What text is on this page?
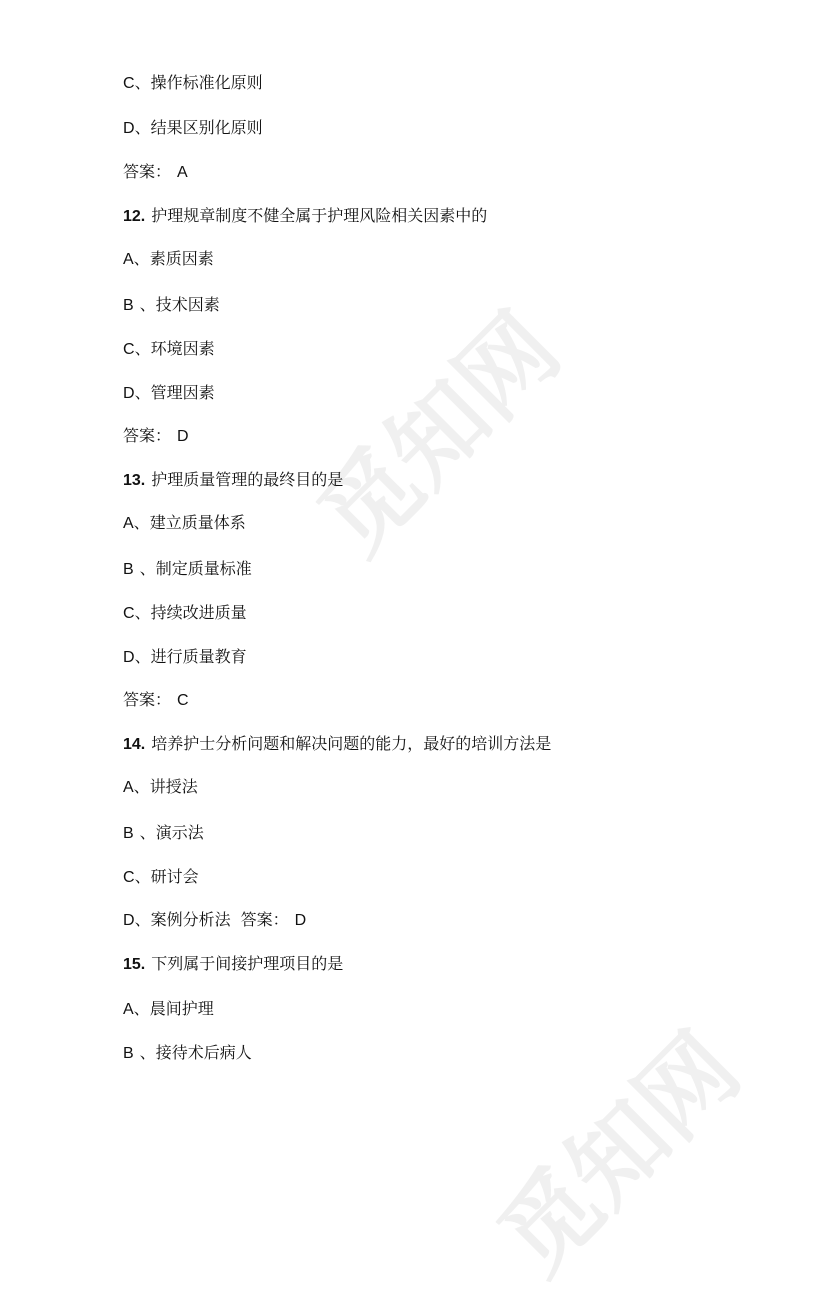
觅知网
觅知网
C、操作标准化原则
D、结果区别化原则
答案： A
12. 护理规章制度不健全属于护理风险相关因素中的
A、素质因素
B 、技术因素
C、环境因素
D、管理因素
答案： D
13. 护理质量管理的最终目的是
A、建立质量体系
B 、制定质量标准
C、持续改进质量
D、进行质量教育
答案： C
14. 培养护士分析问题和解决问题的能力，最好的培训方法是
A、讲授法
B 、演示法
C、研讨会
D、案例分析法 答案： D
15. 下列属于间接护理项目的是
A、晨间护理
B 、接待术后病人
